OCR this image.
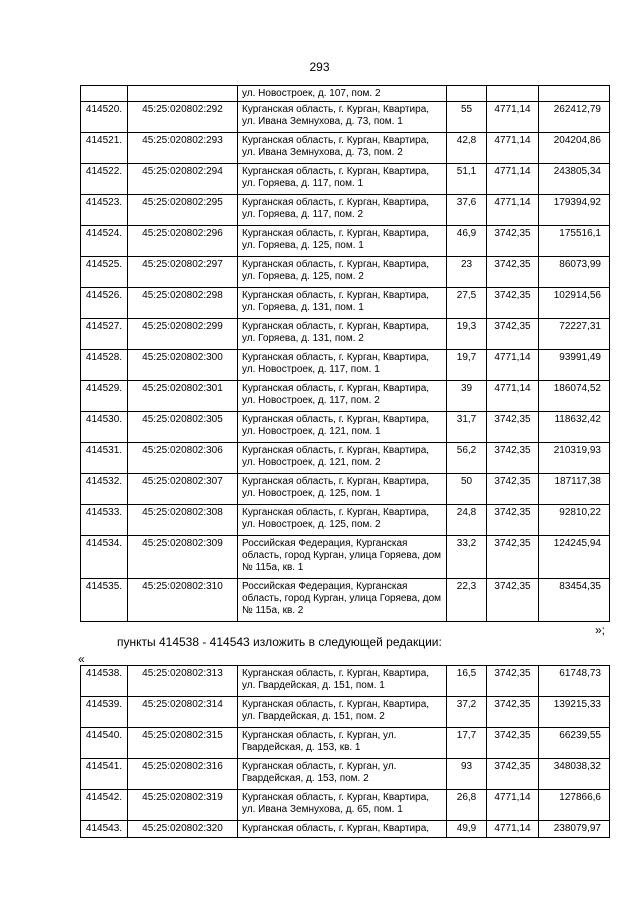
293
		ул. Новостроек, д. 107, пом. 2			
414520.	45:25:020802:292	Курганская область, г. Курган, Квартира, ул. Ивана Земнухова, д. 73, пом. 1	55	4771,14	262412,79
414521.	45:25:020802:293	Курганская область, г. Курган, Квартира, ул. Ивана Земнухова, д. 73, пом. 2	42,8	4771,14	204204,86
414522.	45:25:020802:294	Курганская область, г. Курган, Квартира, ул. Горяева, д. 117, пом. 1	51,1	4771,14	243805,34
414523.	45:25:020802:295	Курганская область, г. Курган, Квартира, ул. Горяева, д. 117, пом. 2	37,6	4771,14	179394,92
414524.	45:25:020802:296	Курганская область, г. Курган, Квартира, ул. Горяева, д. 125, пом. 1	46,9	3742,35	175516,1
414525.	45:25:020802:297	Курганская область, г. Курган, Квартира, ул. Горяева, д. 125, пом. 2	23	3742,35	86073,99
414526.	45:25:020802:298	Курганская область, г. Курган, Квартира, ул. Горяева, д. 131, пом. 1	27,5	3742,35	102914,56
414527.	45:25:020802:299	Курганская область, г. Курган, Квартира, ул. Горяева, д. 131, пом. 2	19,3	3742,35	72227,31
414528.	45:25:020802:300	Курганская область, г. Курган, Квартира, ул. Новостроек, д. 117, пом. 1	19,7	4771,14	93991,49
414529.	45:25:020802:301	Курганская область, г. Курган, Квартира, ул. Новостроек, д. 117, пом. 2	39	4771,14	186074,52
414530.	45:25:020802:305	Курганская область, г. Курган, Квартира, ул. Новостроек, д. 121, пом. 1	31,7	3742,35	118632,42
414531.	45:25:020802:306	Курганская область, г. Курган, Квартира, ул. Новостроек, д. 121, пом. 2	56,2	3742,35	210319,93
414532.	45:25:020802:307	Курганская область, г. Курган, Квартира, ул. Новостроек, д. 125, пом. 1	50	3742,35	187117,38
414533.	45:25:020802:308	Курганская область, г. Курган, Квартира, ул. Новостроек, д. 125, пом. 2	24,8	3742,35	92810,22
414534.	45:25:020802:309	Российская Федерация, Курганская область, город Курган, улица Горяева, дом № 115а, кв. 1	33,2	3742,35	124245,94
414535.	45:25:020802:310	Российская Федерация, Курганская область, город Курган, улица Горяева, дом № 115а, кв. 2	22,3	3742,35	83454,35
»;
пункты 414538 - 414543 изложить в следующей редакции:
«
414538.	45:25:020802:313	Курганская область, г. Курган, Квартира, ул. Гвардейская, д. 151, пом. 1	16,5	3742,35	61748,73
414539.	45:25:020802:314	Курганская область, г. Курган, Квартира, ул. Гвардейская, д. 151, пом. 2	37,2	3742,35	139215,33
414540.	45:25:020802:315	Курганская область, г. Курган, ул. Гвардейская, д. 153, кв. 1	17,7	3742,35	66239,55
414541.	45:25:020802:316	Курганская область, г. Курган, ул. Гвардейская, д. 153, пом. 2	93	3742,35	348038,32
414542.	45:25:020802:319	Курганская область, г. Курган, Квартира, ул. Ивана Земнухова, д. 65, пом. 1	26,8	4771,14	127866,6
414543.	45:25:020802:320	Курганская область, г. Курган, Квартира,	49,9	4771,14	238079,97
